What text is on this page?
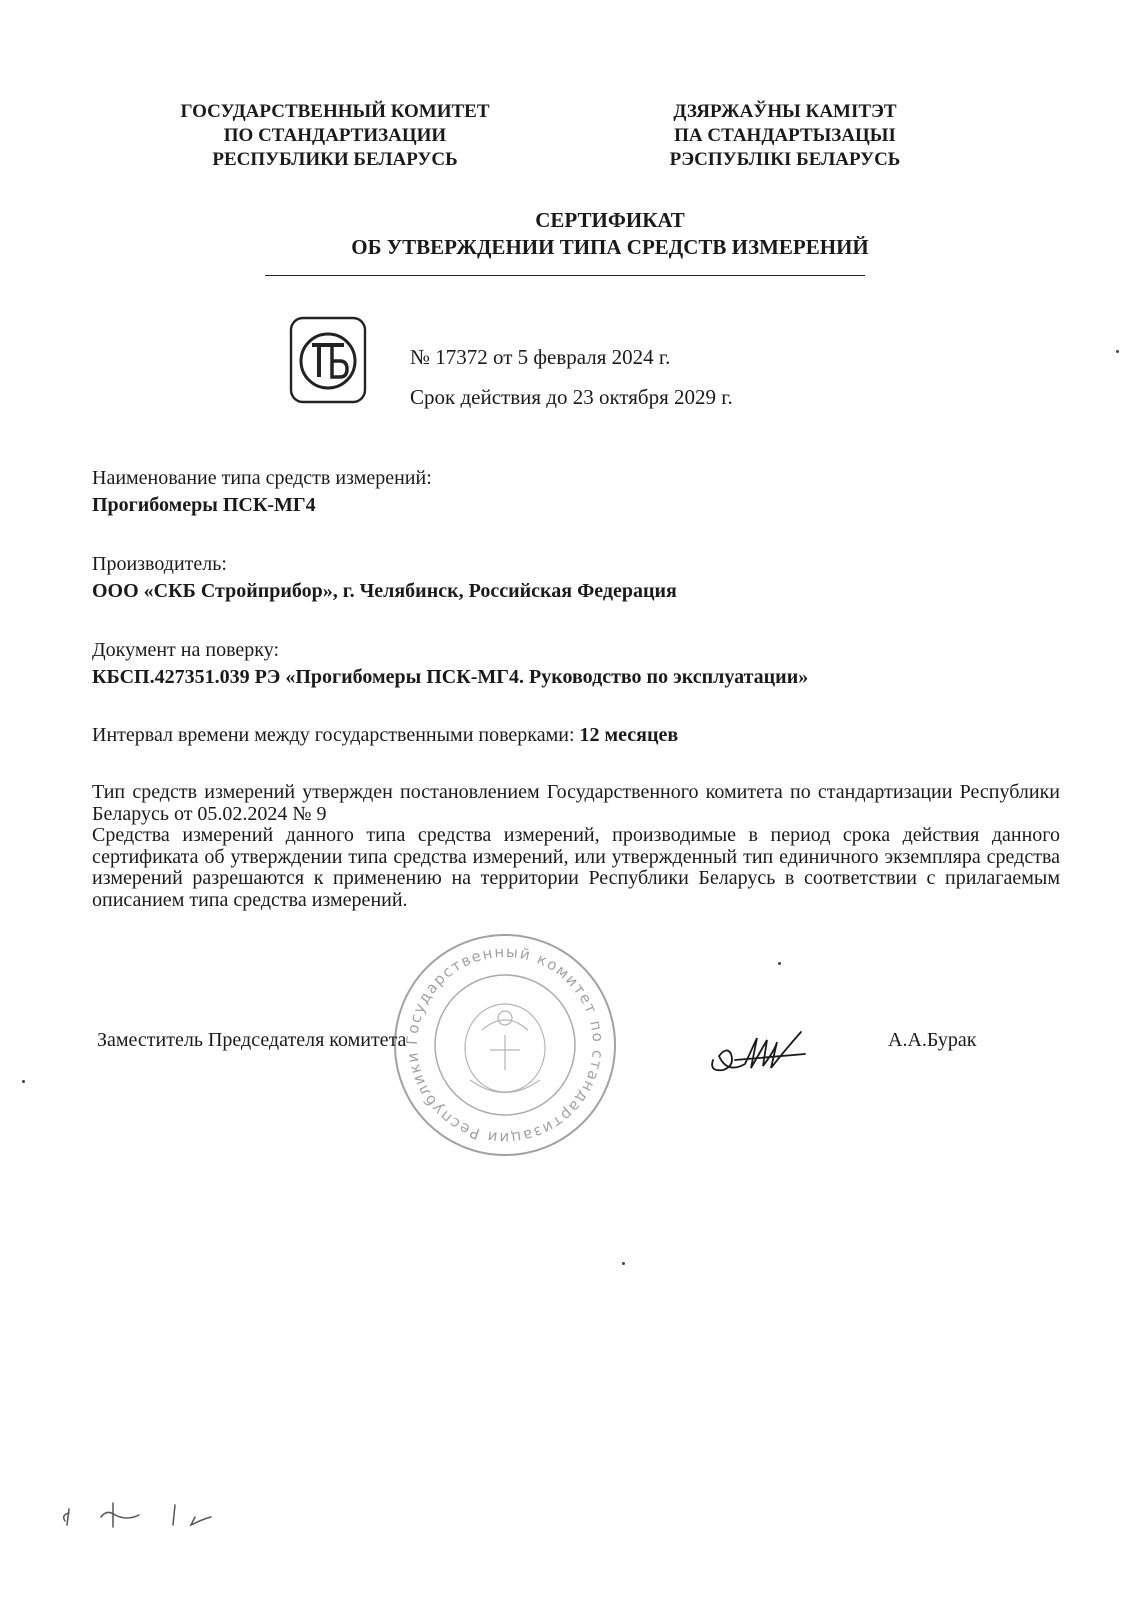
ГОСУДАРСТВЕННЫЙ КОМИТЕТ
ПО СТАНДАРТИЗАЦИИ
РЕСПУБЛИКИ БЕЛАРУСЬ
ДЗЯРЖАЎНЫ КАМІТЭТ
ПА СТАНДАРТЫЗАЦЫІ
РЭСПУБЛІКІ БЕЛАРУСЬ
СЕРТИФИКАТ
ОБ УТВЕРЖДЕНИИ ТИПА СРЕДСТВ ИЗМЕРЕНИЙ
№ 17372 от 5 февраля 2024 г.
Срок действия до 23 октября 2029 г.
Наименование типа средств измерений:
Прогибомеры ПСК-МГ4
Производитель:
ООО «СКБ Стройприбор», г. Челябинск, Российская Федерация
Документ на поверку:
КБСП.427351.039 РЭ «Прогибомеры ПСК-МГ4. Руководство по эксплуатации»
Интервал времени между государственными поверками: 12 месяцев

Тип средств измерений утвержден постановлением Государственного комитета по стандартизации Республики Беларусь от 05.02.2024 № 9

Средства измерений данного типа средства измерений, производимые в период срока действия данного сертификата об утверждении типа средства измерений, или утвержденный тип единичного экземпляра средства измерений разрешаются к применению на территории Республики Беларусь в соответствии с прилагаемым описанием типа средства измерений.

Государственный комитет по стандартизации Республики
Заместитель Председателя комитета	А.А.Бурак
